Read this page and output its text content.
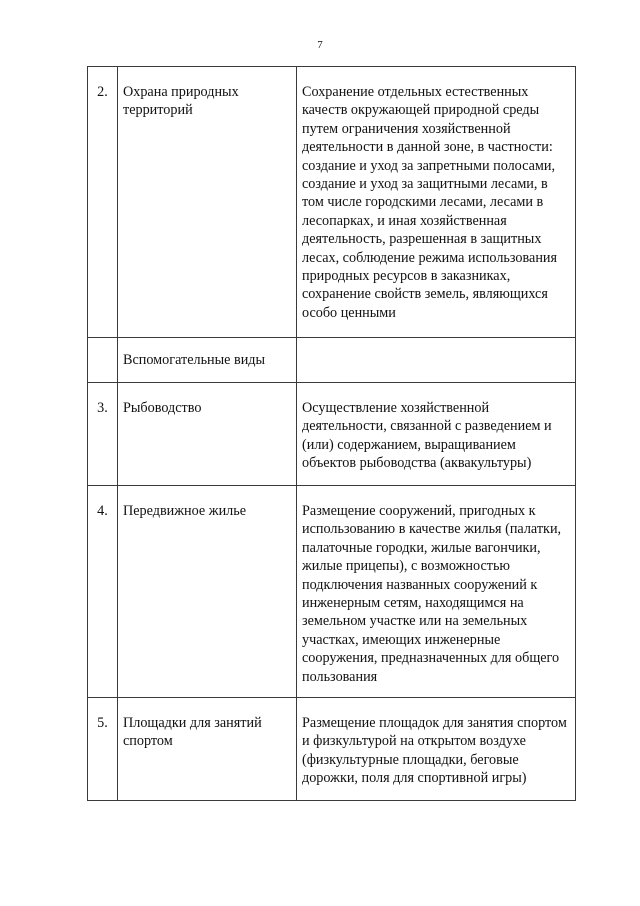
7
2.	Охрана природных территорий	Сохранение отдельных естественных качеств окружающей природной среды путем ограничения хозяйственной деятельности в данной зоне, в частности: создание и уход за запретными полосами, создание и уход за защитными лесами, в том числе городскими лесами, лесами в лесопарках, и иная хозяйственная деятельность, разрешенная в защитных лесах, соблюдение режима использования природных ресурсов в заказниках, сохранение свойств земель, являющихся особо ценными
	Вспомогательные виды	
3.	Рыбоводство	Осуществление хозяйственной деятельности, связанной с разведением и (или) содержанием, выращиванием объектов рыбоводства (аквакультуры)
4.	Передвижное жилье	Размещение сооружений, пригодных к использованию в качестве жилья (палатки, палаточные городки, жилые вагончики, жилые прицепы), с возможностью подключения названных сооружений к инженерным сетям, находящимся на земельном участке или на земельных участках, имеющих инженерные сооружения, предназначенных для общего пользования
5.	Площадки для занятий спортом	Размещение площадок для занятия спортом и физкультурой на открытом воздухе (физкультурные площадки, беговые дорожки, поля для спортивной игры)
